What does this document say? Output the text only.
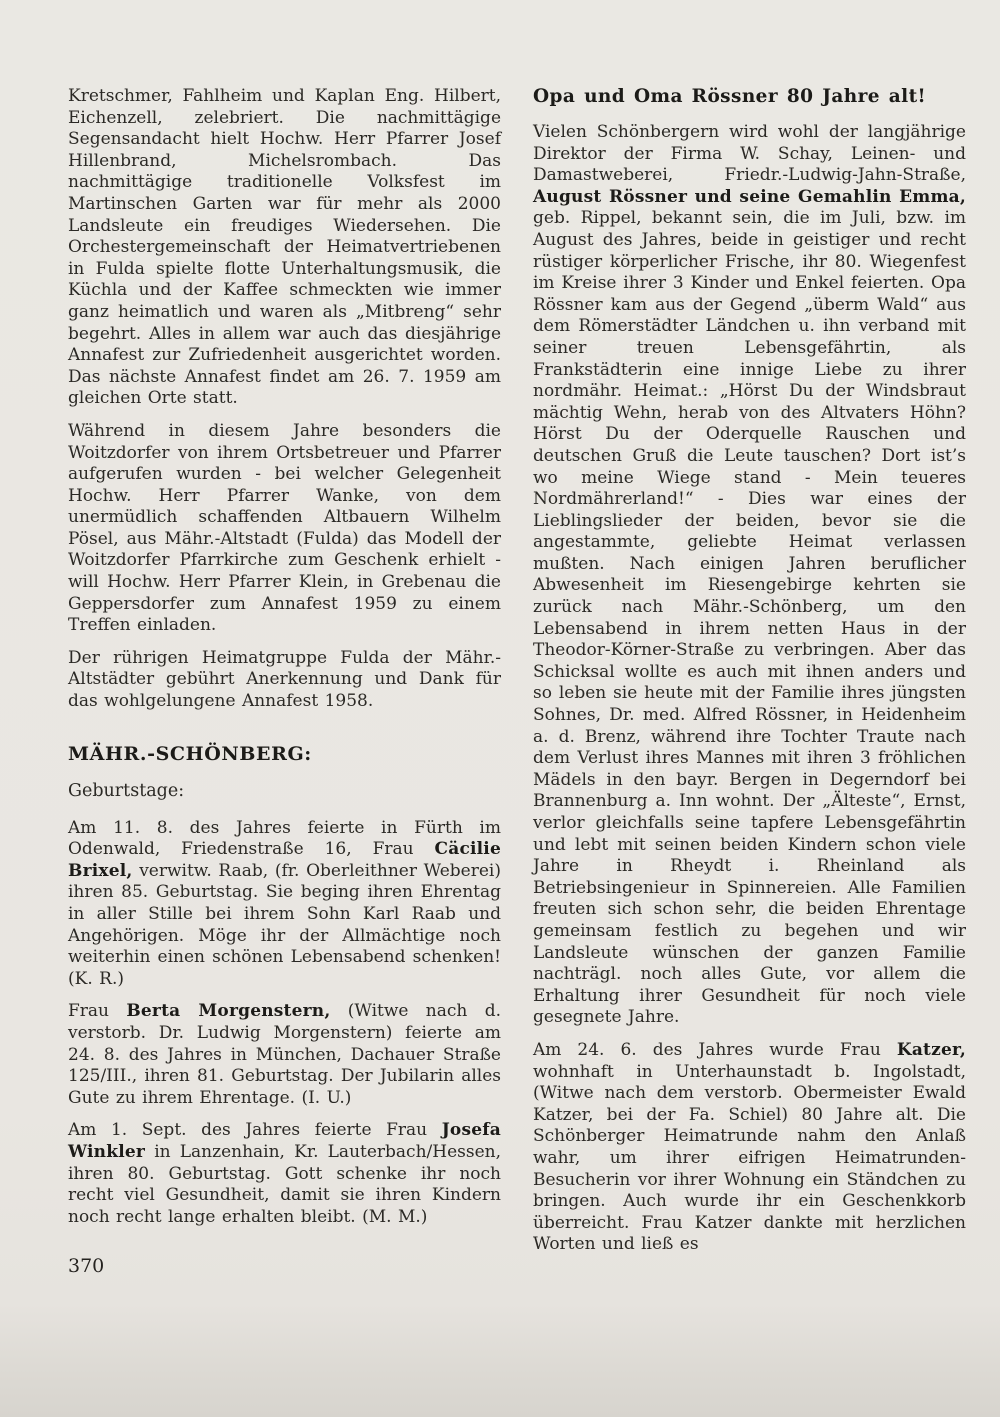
Kretschmer, Fahlheim und Kaplan Eng. Hilbert, Eichenzell, zelebriert. Die nachmittägige Segensandacht hielt Hochw. Herr Pfarrer Josef Hillenbrand, Michelsrombach. Das nachmittägige traditionelle Volksfest im Martinschen Garten war für mehr als 2000 Landsleute ein freudiges Wiedersehen. Die Orchestergemeinschaft der Heimatvertriebenen in Fulda spielte flotte Unterhaltungsmusik, die Küchla und der Kaffee schmeckten wie immer ganz heimatlich und waren als „Mitbreng“ sehr begehrt. Alles in allem war auch das diesjährige Annafest zur Zufriedenheit ausgerichtet worden. Das nächste Annafest findet am 26. 7. 1959 am gleichen Orte statt.

Während in diesem Jahre besonders die Woitzdorfer von ihrem Ortsbetreuer und Pfarrer aufgerufen wurden - bei welcher Gelegenheit Hochw. Herr Pfarrer Wanke, von dem unermüdlich schaffenden Altbauern Wilhelm Pösel, aus Mähr.-Altstadt (Fulda) das Modell der Woitzdorfer Pfarrkirche zum Geschenk erhielt - will Hochw. Herr Pfarrer Klein, in Grebenau die Geppersdorfer zum Annafest 1959 zu einem Treffen einladen.

Der rührigen Heimatgruppe Fulda der Mähr.-Altstädter gebührt Anerkennung und Dank für das wohlgelungene Annafest 1958.

MÄHR.-SCHÖNBERG:

Geburtstage:

Am 11. 8. des Jahres feierte in Fürth im Odenwald, Friedenstraße 16, Frau Cäcilie Brixel, verwitw. Raab, (fr. Oberleithner Weberei) ihren 85. Geburtstag. Sie beging ihren Ehrentag in aller Stille bei ihrem Sohn Karl Raab und Angehörigen. Möge ihr der Allmächtige noch weiterhin einen schönen Lebensabend schenken! (K. R.)

Frau Berta Morgenstern, (Witwe nach d. verstorb. Dr. Ludwig Morgenstern) feierte am 24. 8. des Jahres in München, Dachauer Straße 125/III., ihren 81. Geburtstag. Der Jubilarin alles Gute zu ihrem Ehrentage. (I. U.)

Am 1. Sept. des Jahres feierte Frau Josefa Winkler in Lanzenhain, Kr. Lauterbach/Hessen, ihren 80. Geburtstag. Gott schenke ihr noch recht viel Gesundheit, damit sie ihren Kindern noch recht lange erhalten bleibt. (M. M.)

370
Opa und Oma Rössner 80 Jahre alt!

Vielen Schönbergern wird wohl der langjährige Direktor der Firma W. Schay, Leinen- und Damastweberei, Friedr.-Ludwig-Jahn-Straße, August Rössner und seine Gemahlin Emma, geb. Rippel, bekannt sein, die im Juli, bzw. im August des Jahres, beide in geistiger und recht rüstiger körperlicher Frische, ihr 80. Wiegenfest im Kreise ihrer 3 Kinder und Enkel feierten. Opa Rössner kam aus der Gegend „überm Wald“ aus dem Römerstädter Ländchen u. ihn verband mit seiner treuen Lebensgefährtin, als Frankstädterin eine innige Liebe zu ihrer nordmähr. Heimat.: „Hörst Du der Windsbraut mächtig Wehn, herab von des Altvaters Höhn? Hörst Du der Oderquelle Rauschen und deutschen Gruß die Leute tauschen? Dort ist’s wo meine Wiege stand - Mein teueres Nordmährerland!“ - Dies war eines der Lieblingslieder der beiden, bevor sie die angestammte, geliebte Heimat verlassen mußten. Nach einigen Jahren beruflicher Abwesenheit im Riesengebirge kehrten sie zurück nach Mähr.-Schönberg, um den Lebensabend in ihrem netten Haus in der Theodor-Körner-Straße zu verbringen. Aber das Schicksal wollte es auch mit ihnen anders und so leben sie heute mit der Familie ihres jüngsten Sohnes, Dr. med. Alfred Rössner, in Heidenheim a. d. Brenz, während ihre Tochter Traute nach dem Verlust ihres Mannes mit ihren 3 fröhlichen Mädels in den bayr. Bergen in Degerndorf bei Brannenburg a. Inn wohnt. Der „Älteste“, Ernst, verlor gleichfalls seine tapfere Lebensgefährtin und lebt mit seinen beiden Kindern schon viele Jahre in Rheydt i. Rheinland als Betriebsingenieur in Spinnereien. Alle Familien freuten sich schon sehr, die beiden Ehrentage gemeinsam festlich zu begehen und wir Landsleute wünschen der ganzen Familie nachträgl. noch alles Gute, vor allem die Erhaltung ihrer Gesundheit für noch viele gesegnete Jahre.

Am 24. 6. des Jahres wurde Frau Katzer, wohnhaft in Unterhaunstadt b. Ingolstadt, (Witwe nach dem verstorb. Obermeister Ewald Katzer, bei der Fa. Schiel) 80 Jahre alt. Die Schönberger Heimatrunde nahm den Anlaß wahr, um ihrer eifrigen Heimatrunden-Besucherin vor ihrer Wohnung ein Ständchen zu bringen. Auch wurde ihr ein Geschenkkorb überreicht. Frau Katzer dankte mit herzlichen Worten und ließ es
